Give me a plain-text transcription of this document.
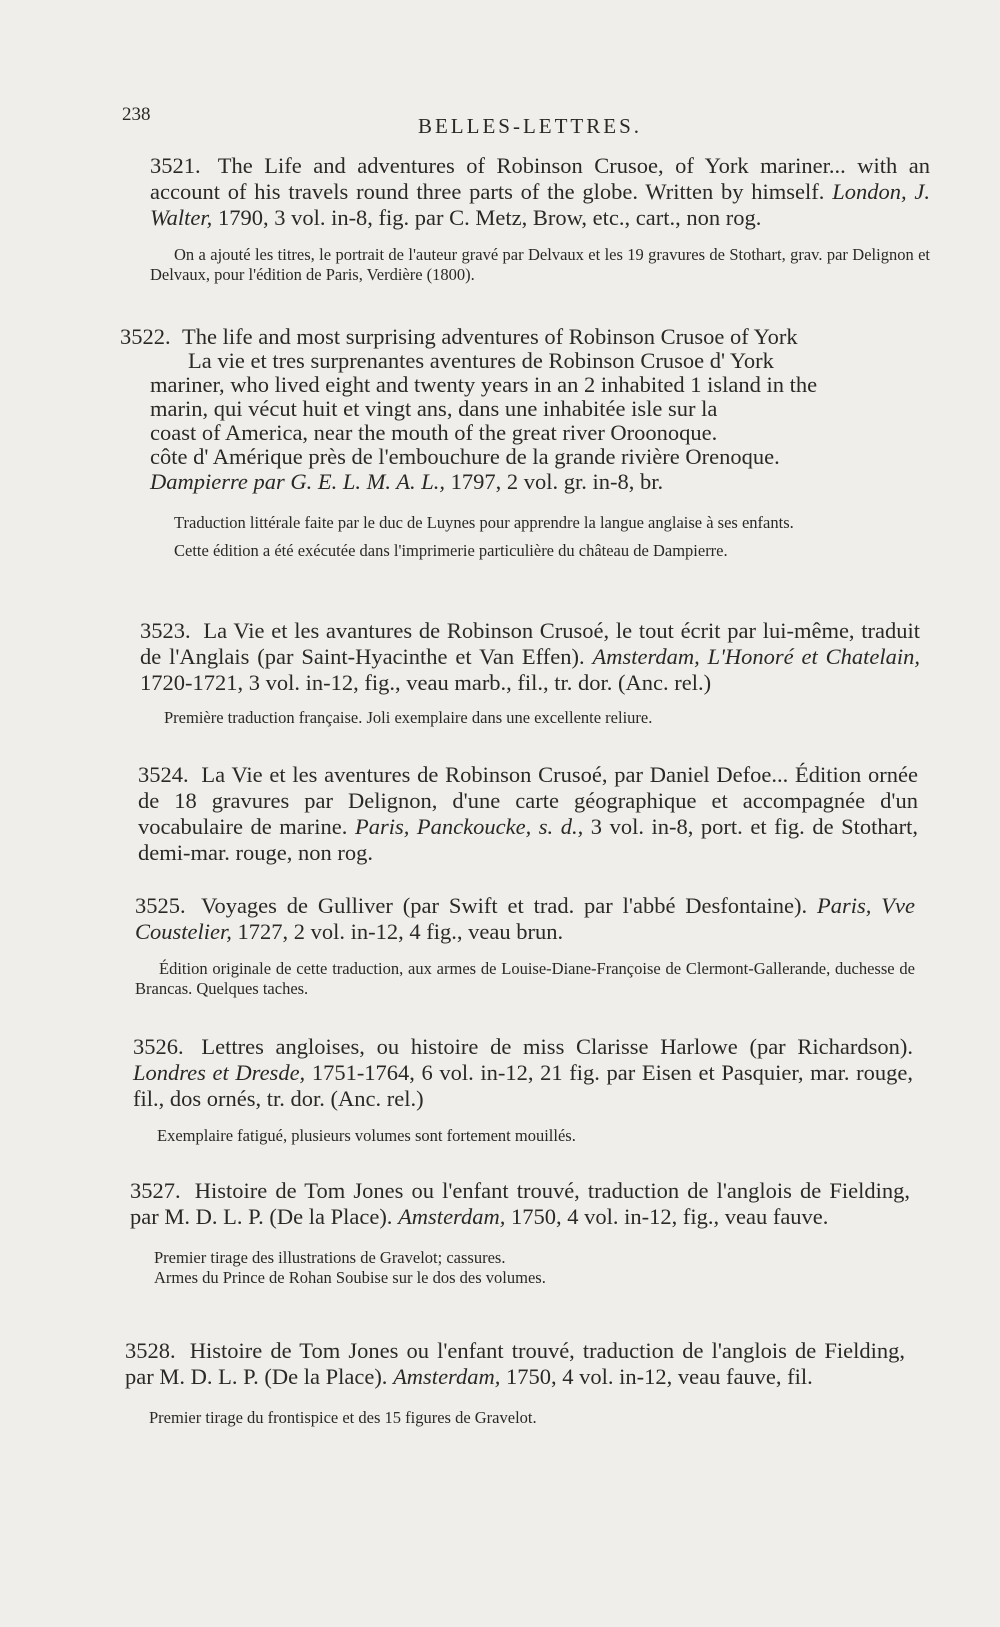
238	BELLES-LETTRES.

3521. The Life and adventures of Robinson Crusoe, of York mariner... with an account of his travels round three parts of the globe. Written by himself. London, J. Walter, 1790, 3 vol. in-8, fig. par C. Metz, Brow, etc., cart., non rog.

On a ajouté les titres, le portrait de l'auteur gravé par Delvaux et les 19 gravures de Stothart, grav. par Delignon et Delvaux, pour l'édition de Paris, Verdière (1800).

3522. The life and most surprising adventures of Robinson Crusoe of York
La vie et tres surprenantes aventures de Robinson Crusoe d' York
mariner, who lived eight and twenty years in an 2 inhabited 1 island in the
marin, qui vécut huit et vingt ans, dans une inhabitée isle sur la
coast of America, near the mouth of the great river Oroonoque.
côte d' Amérique près de l'embouchure de la grande rivière Orenoque.

Dampierre par G. E. L. M. A. L., 1797, 2 vol. gr. in-8, br.

Traduction littérale faite par le duc de Luynes pour apprendre la langue anglaise à ses enfants.

Cette édition a été exécutée dans l'imprimerie particulière du château de Dampierre.

3523. La Vie et les avantures de Robinson Crusoé, le tout écrit par lui-même, traduit de l'Anglais (par Saint-Hyacinthe et Van Effen). Amsterdam, L'Honoré et Chatelain, 1720-1721, 3 vol. in-12, fig., veau marb., fil., tr. dor. (Anc. rel.)

Première traduction française. Joli exemplaire dans une excellente reliure.

3524. La Vie et les aventures de Robinson Crusoé, par Daniel Defoe... Édition ornée de 18 gravures par Delignon, d'une carte géographique et accompagnée d'un vocabulaire de marine. Paris, Panckoucke, s. d., 3 vol. in-8, port. et fig. de Stothart, demi-mar. rouge, non rog.

3525. Voyages de Gulliver (par Swift et trad. par l'abbé Desfontaine). Paris, Vve Coustelier, 1727, 2 vol. in-12, 4 fig., veau brun.

Édition originale de cette traduction, aux armes de Louise-Diane-Françoise de Clermont-Gallerande, duchesse de Brancas. Quelques taches.

3526. Lettres angloises, ou histoire de miss Clarisse Harlowe (par Richardson). Londres et Dresde, 1751-1764, 6 vol. in-12, 21 fig. par Eisen et Pasquier, mar. rouge, fil., dos ornés, tr. dor. (Anc. rel.)

Exemplaire fatigué, plusieurs volumes sont fortement mouillés.

3527. Histoire de Tom Jones ou l'enfant trouvé, traduction de l'anglois de Fielding, par M. D. L. P. (De la Place). Amsterdam, 1750, 4 vol. in-12, fig., veau fauve.

Premier tirage des illustrations de Gravelot; cassures.

Armes du Prince de Rohan Soubise sur le dos des volumes.

3528. Histoire de Tom Jones ou l'enfant trouvé, traduction de l'anglois de Fielding, par M. D. L. P. (De la Place). Amsterdam, 1750, 4 vol. in-12, veau fauve, fil.

Premier tirage du frontispice et des 15 figures de Gravelot.
